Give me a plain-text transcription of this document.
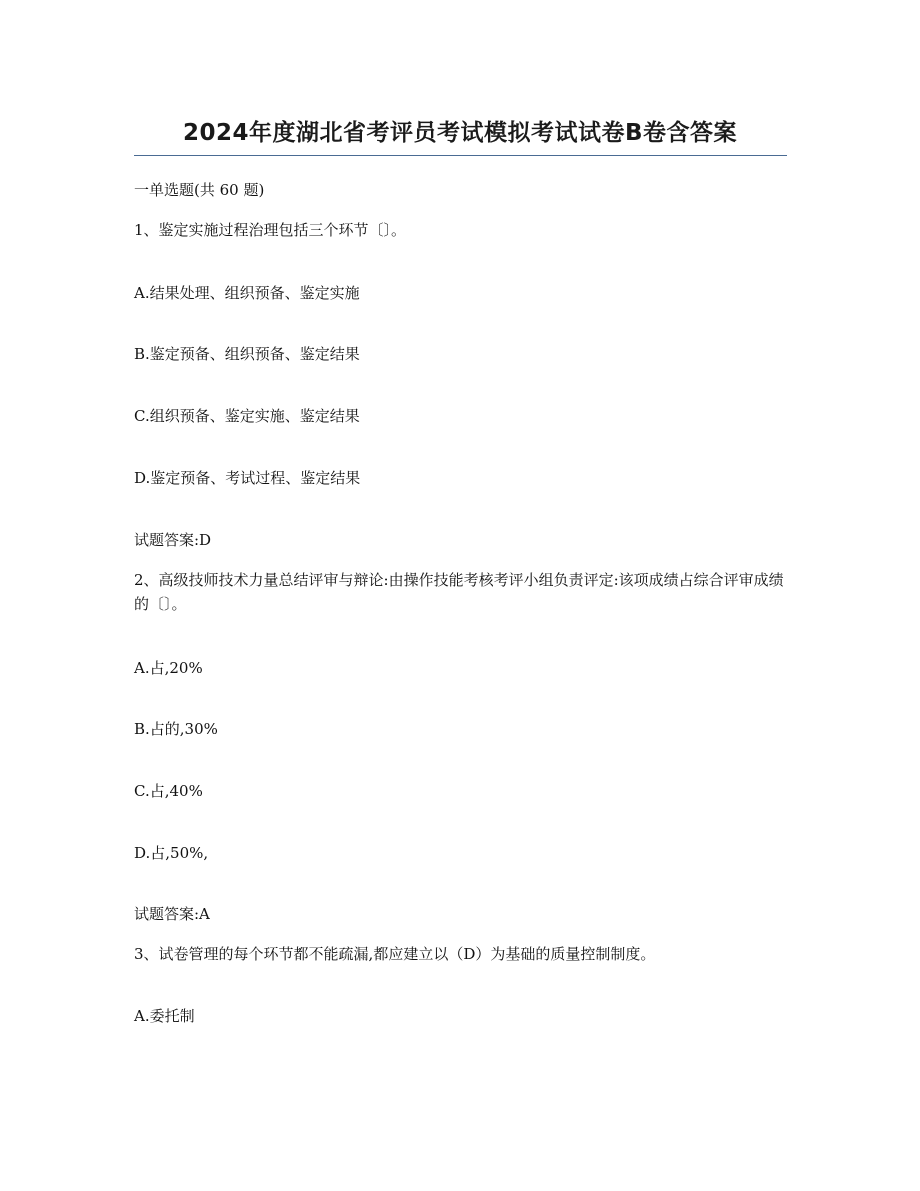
2024年度湖北省考评员考试模拟考试试卷B卷含答案

一单选题(共 60 题)

1、鉴定实施过程治理包括三个环节〔〕。

A.结果处理、组织预备、鉴定实施

B.鉴定预备、组织预备、鉴定结果

C.组织预备、鉴定实施、鉴定结果

D.鉴定预备、考试过程、鉴定结果

试题答案:D

2、高级技师技术力量总结评审与辩论:由操作技能考核考评小组负责评定:该项成绩占综合评审成绩的〔〕。

A.占,20%

B.占的,30%

C.占,40%

D.占,50%,

试题答案:A

3、试卷管理的每个环节都不能疏漏,都应建立以（D）为基础的质量控制制度。

A.委托制
